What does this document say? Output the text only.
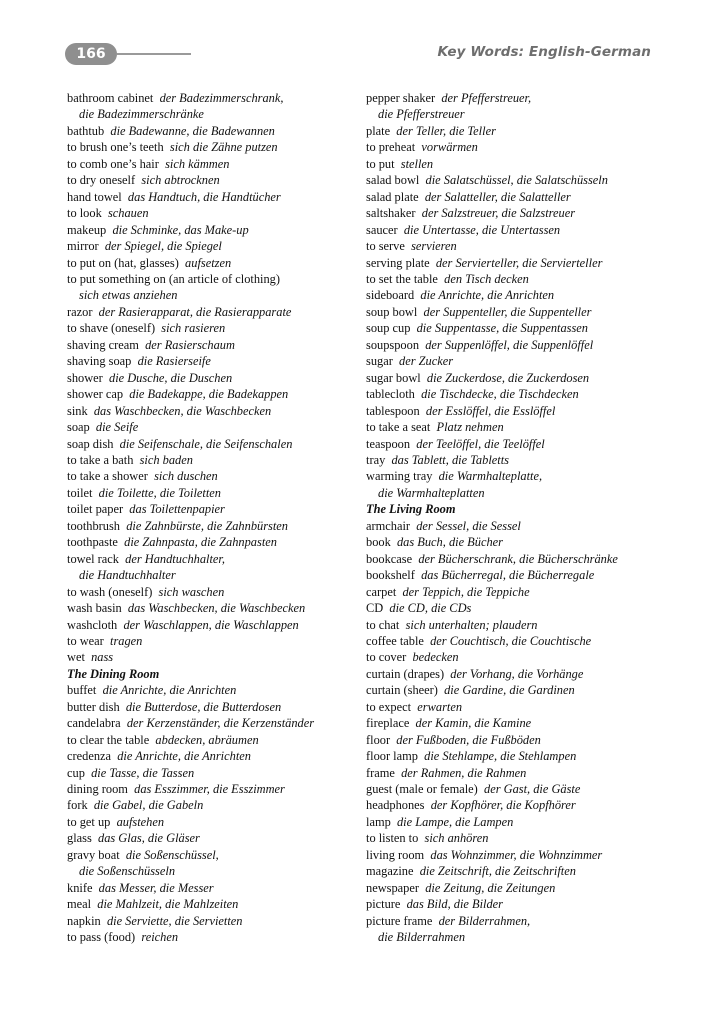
166	Key Words: English-German
bathroom cabinet der Badezimmerschrank,
die Badezimmerschränke
bathtub die Badewanne, die Badewannen
to brush one’s teeth sich die Zähne putzen
to comb one’s hair sich kämmen
to dry oneself sich abtrocknen
hand towel das Handtuch, die Handtücher
to look schauen
makeup die Schminke, das Make-up
mirror der Spiegel, die Spiegel
to put on (hat, glasses) aufsetzen
to put something on (an article of clothing)
sich etwas anziehen
razor der Rasierapparat, die Rasierapparate
to shave (oneself) sich rasieren
shaving cream der Rasierschaum
shaving soap die Rasierseife
shower die Dusche, die Duschen
shower cap die Badekappe, die Badekappen
sink das Waschbecken, die Waschbecken
soap die Seife
soap dish die Seifenschale, die Seifenschalen
to take a bath sich baden
to take a shower sich duschen
toilet die Toilette, die Toiletten
toilet paper das Toilettenpapier
toothbrush die Zahnbürste, die Zahnbürsten
toothpaste die Zahnpasta, die Zahnpasten
towel rack der Handtuchhalter,
die Handtuchhalter
to wash (oneself) sich waschen
wash basin das Waschbecken, die Waschbecken
washcloth der Waschlappen, die Waschlappen
to wear tragen
wet nass
The Dining Room
buffet die Anrichte, die Anrichten
butter dish die Butterdose, die Butterdosen
candelabra der Kerzenständer, die Kerzenständer
to clear the table abdecken, abräumen
credenza die Anrichte, die Anrichten
cup die Tasse, die Tassen
dining room das Esszimmer, die Esszimmer
fork die Gabel, die Gabeln
to get up aufstehen
glass das Glas, die Gläser
gravy boat die Soßenschüssel,
die Soßenschüsseln
knife das Messer, die Messer
meal die Mahlzeit, die Mahlzeiten
napkin die Serviette, die Servietten
to pass (food) reichen
pepper shaker der Pfefferstreuer,
die Pfefferstreuer
plate der Teller, die Teller
to preheat vorwärmen
to put stellen
salad bowl die Salatschüssel, die Salatschüsseln
salad plate der Salatteller, die Salatteller
saltshaker der Salzstreuer, die Salzstreuer
saucer die Untertasse, die Untertassen
to serve servieren
serving plate der Servierteller, die Servierteller
to set the table den Tisch decken
sideboard die Anrichte, die Anrichten
soup bowl der Suppenteller, die Suppenteller
soup cup die Suppentasse, die Suppentassen
soupspoon der Suppenlöffel, die Suppenlöffel
sugar der Zucker
sugar bowl die Zuckerdose, die Zuckerdosen
tablecloth die Tischdecke, die Tischdecken
tablespoon der Esslöffel, die Esslöffel
to take a seat Platz nehmen
teaspoon der Teelöffel, die Teelöffel
tray das Tablett, die Tabletts
warming tray die Warmhalteplatte,
die Warmhalteplatten
The Living Room
armchair der Sessel, die Sessel
book das Buch, die Bücher
bookcase der Bücherschrank, die Bücherschränke
bookshelf das Bücherregal, die Bücherregale
carpet der Teppich, die Teppiche
CD die CD, die CDs
to chat sich unterhalten; plaudern
coffee table der Couchtisch, die Couchtische
to cover bedecken
curtain (drapes) der Vorhang, die Vorhänge
curtain (sheer) die Gardine, die Gardinen
to expect erwarten
fireplace der Kamin, die Kamine
floor der Fußboden, die Fußböden
floor lamp die Stehlampe, die Stehlampen
frame der Rahmen, die Rahmen
guest (male or female) der Gast, die Gäste
headphones der Kopfhörer, die Kopfhörer
lamp die Lampe, die Lampen
to listen to sich anhören
living room das Wohnzimmer, die Wohnzimmer
magazine die Zeitschrift, die Zeitschriften
newspaper die Zeitung, die Zeitungen
picture das Bild, die Bilder
picture frame der Bilderrahmen,
die Bilderrahmen
